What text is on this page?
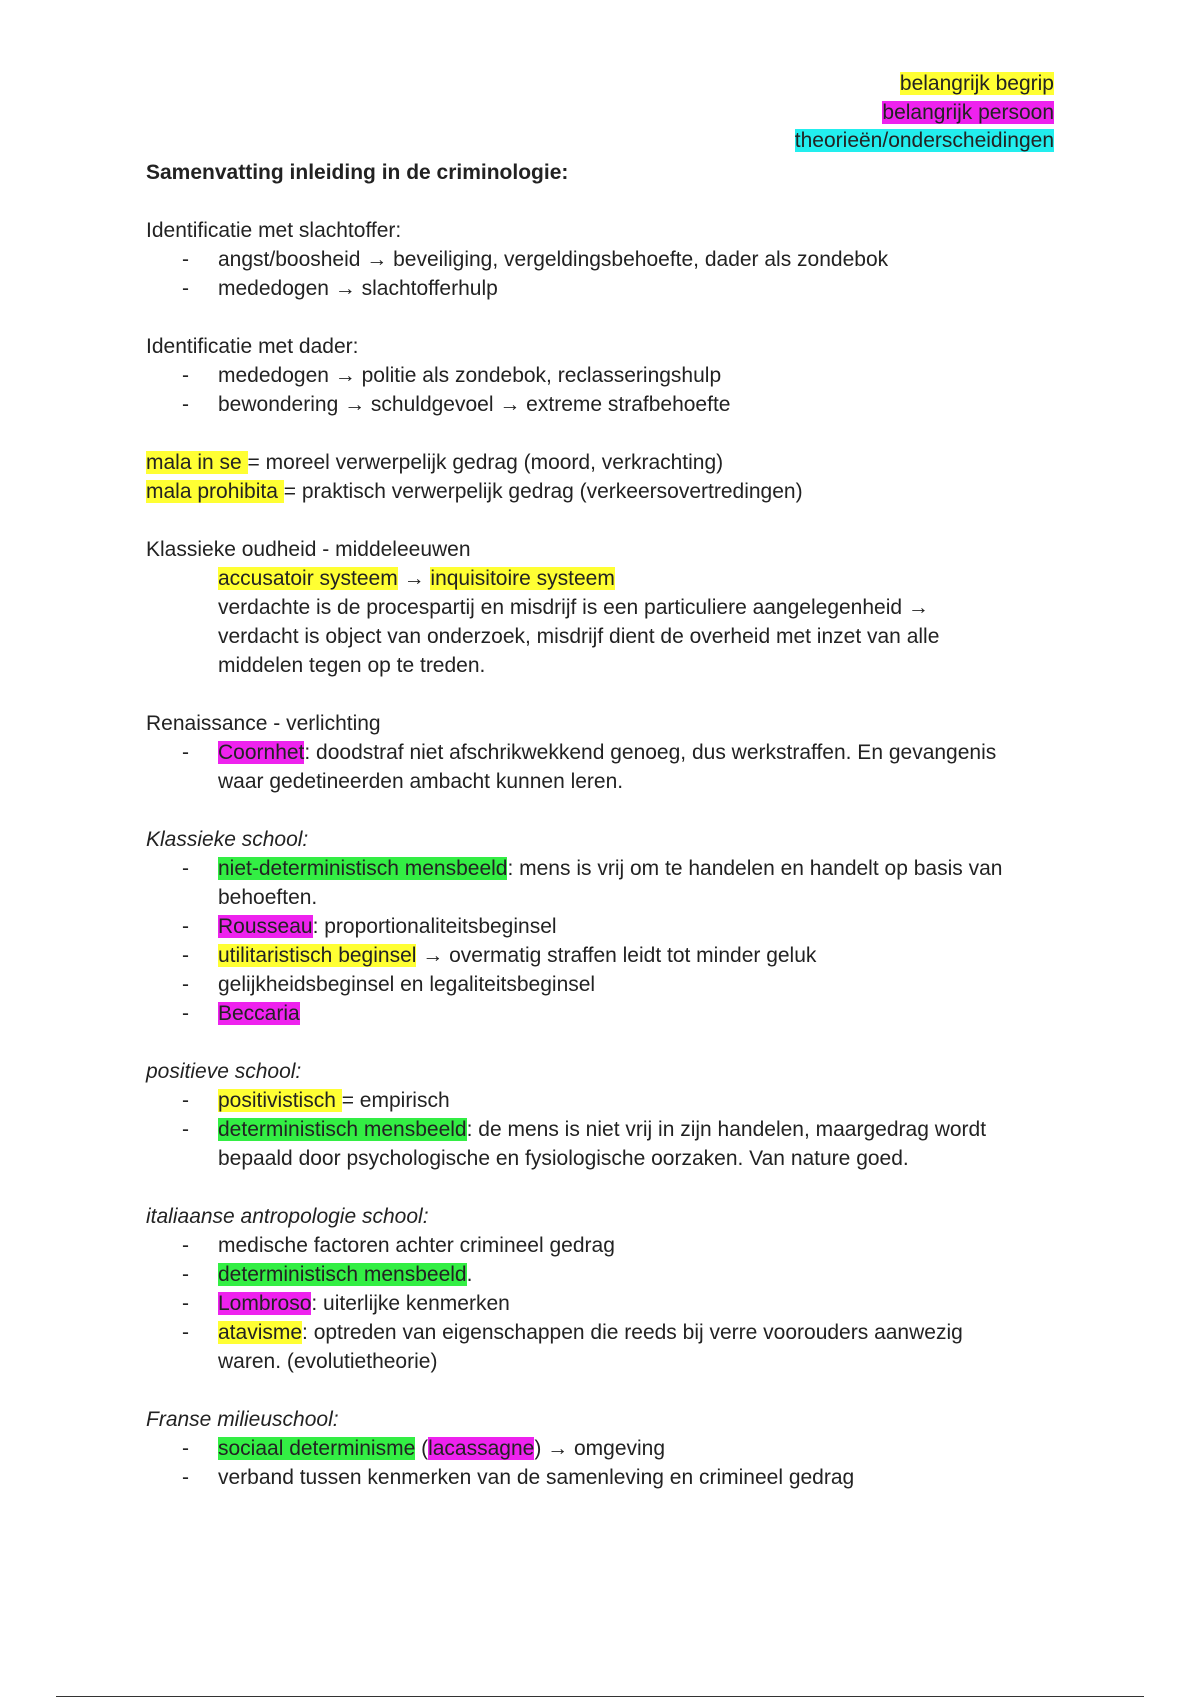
belangrijk begrip
belangrijk persoon
theorieën/onderscheidingen
Samenvatting inleiding in de criminologie:
Identificatie met slachtoffer:
- angst/boosheid → beveiliging, vergeldingsbehoefte, dader als zondebok
- mededogen → slachtofferhulp
Identificatie met dader:
- mededogen → politie als zondebok, reclasseringshulp
- bewondering → schuldgevoel → extreme strafbehoefte
mala in se = moreel verwerpelijk gedrag (moord, verkrachting)
mala prohibita = praktisch verwerpelijk gedrag (verkeersovertredingen)
Klassieke oudheid - middeleeuwen
accusatoir systeem → inquisitoire systeem
verdachte is de procespartij en misdrijf is een particuliere aangelegenheid →
verdacht is object van onderzoek, misdrijf dient de overheid met inzet van alle
middelen tegen op te treden.
Renaissance - verlichting
- Coornhet: doodstraf niet afschrikwekkend genoeg, dus werkstraffen. En gevangenis
waar gedetineerden ambacht kunnen leren.
Klassieke school:
- niet-deterministisch mensbeeld: mens is vrij om te handelen en handelt op basis van
behoeften.
- Rousseau: proportionaliteitsbeginsel
- utilitaristisch beginsel → overmatig straffen leidt tot minder geluk
- gelijkheidsbeginsel en legaliteitsbeginsel
- Beccaria
positieve school:
- positivistisch = empirisch
- deterministisch mensbeeld: de mens is niet vrij in zijn handelen, maargedrag wordt
bepaald door psychologische en fysiologische oorzaken. Van nature goed.
italiaanse antropologie school:
- medische factoren achter crimineel gedrag
- deterministisch mensbeeld.
- Lombroso: uiterlijke kenmerken
- atavisme: optreden van eigenschappen die reeds bij verre voorouders aanwezig
waren. (evolutietheorie)
Franse milieuschool:
- sociaal determinisme (lacassagne) → omgeving
- verband tussen kenmerken van de samenleving en crimineel gedrag
